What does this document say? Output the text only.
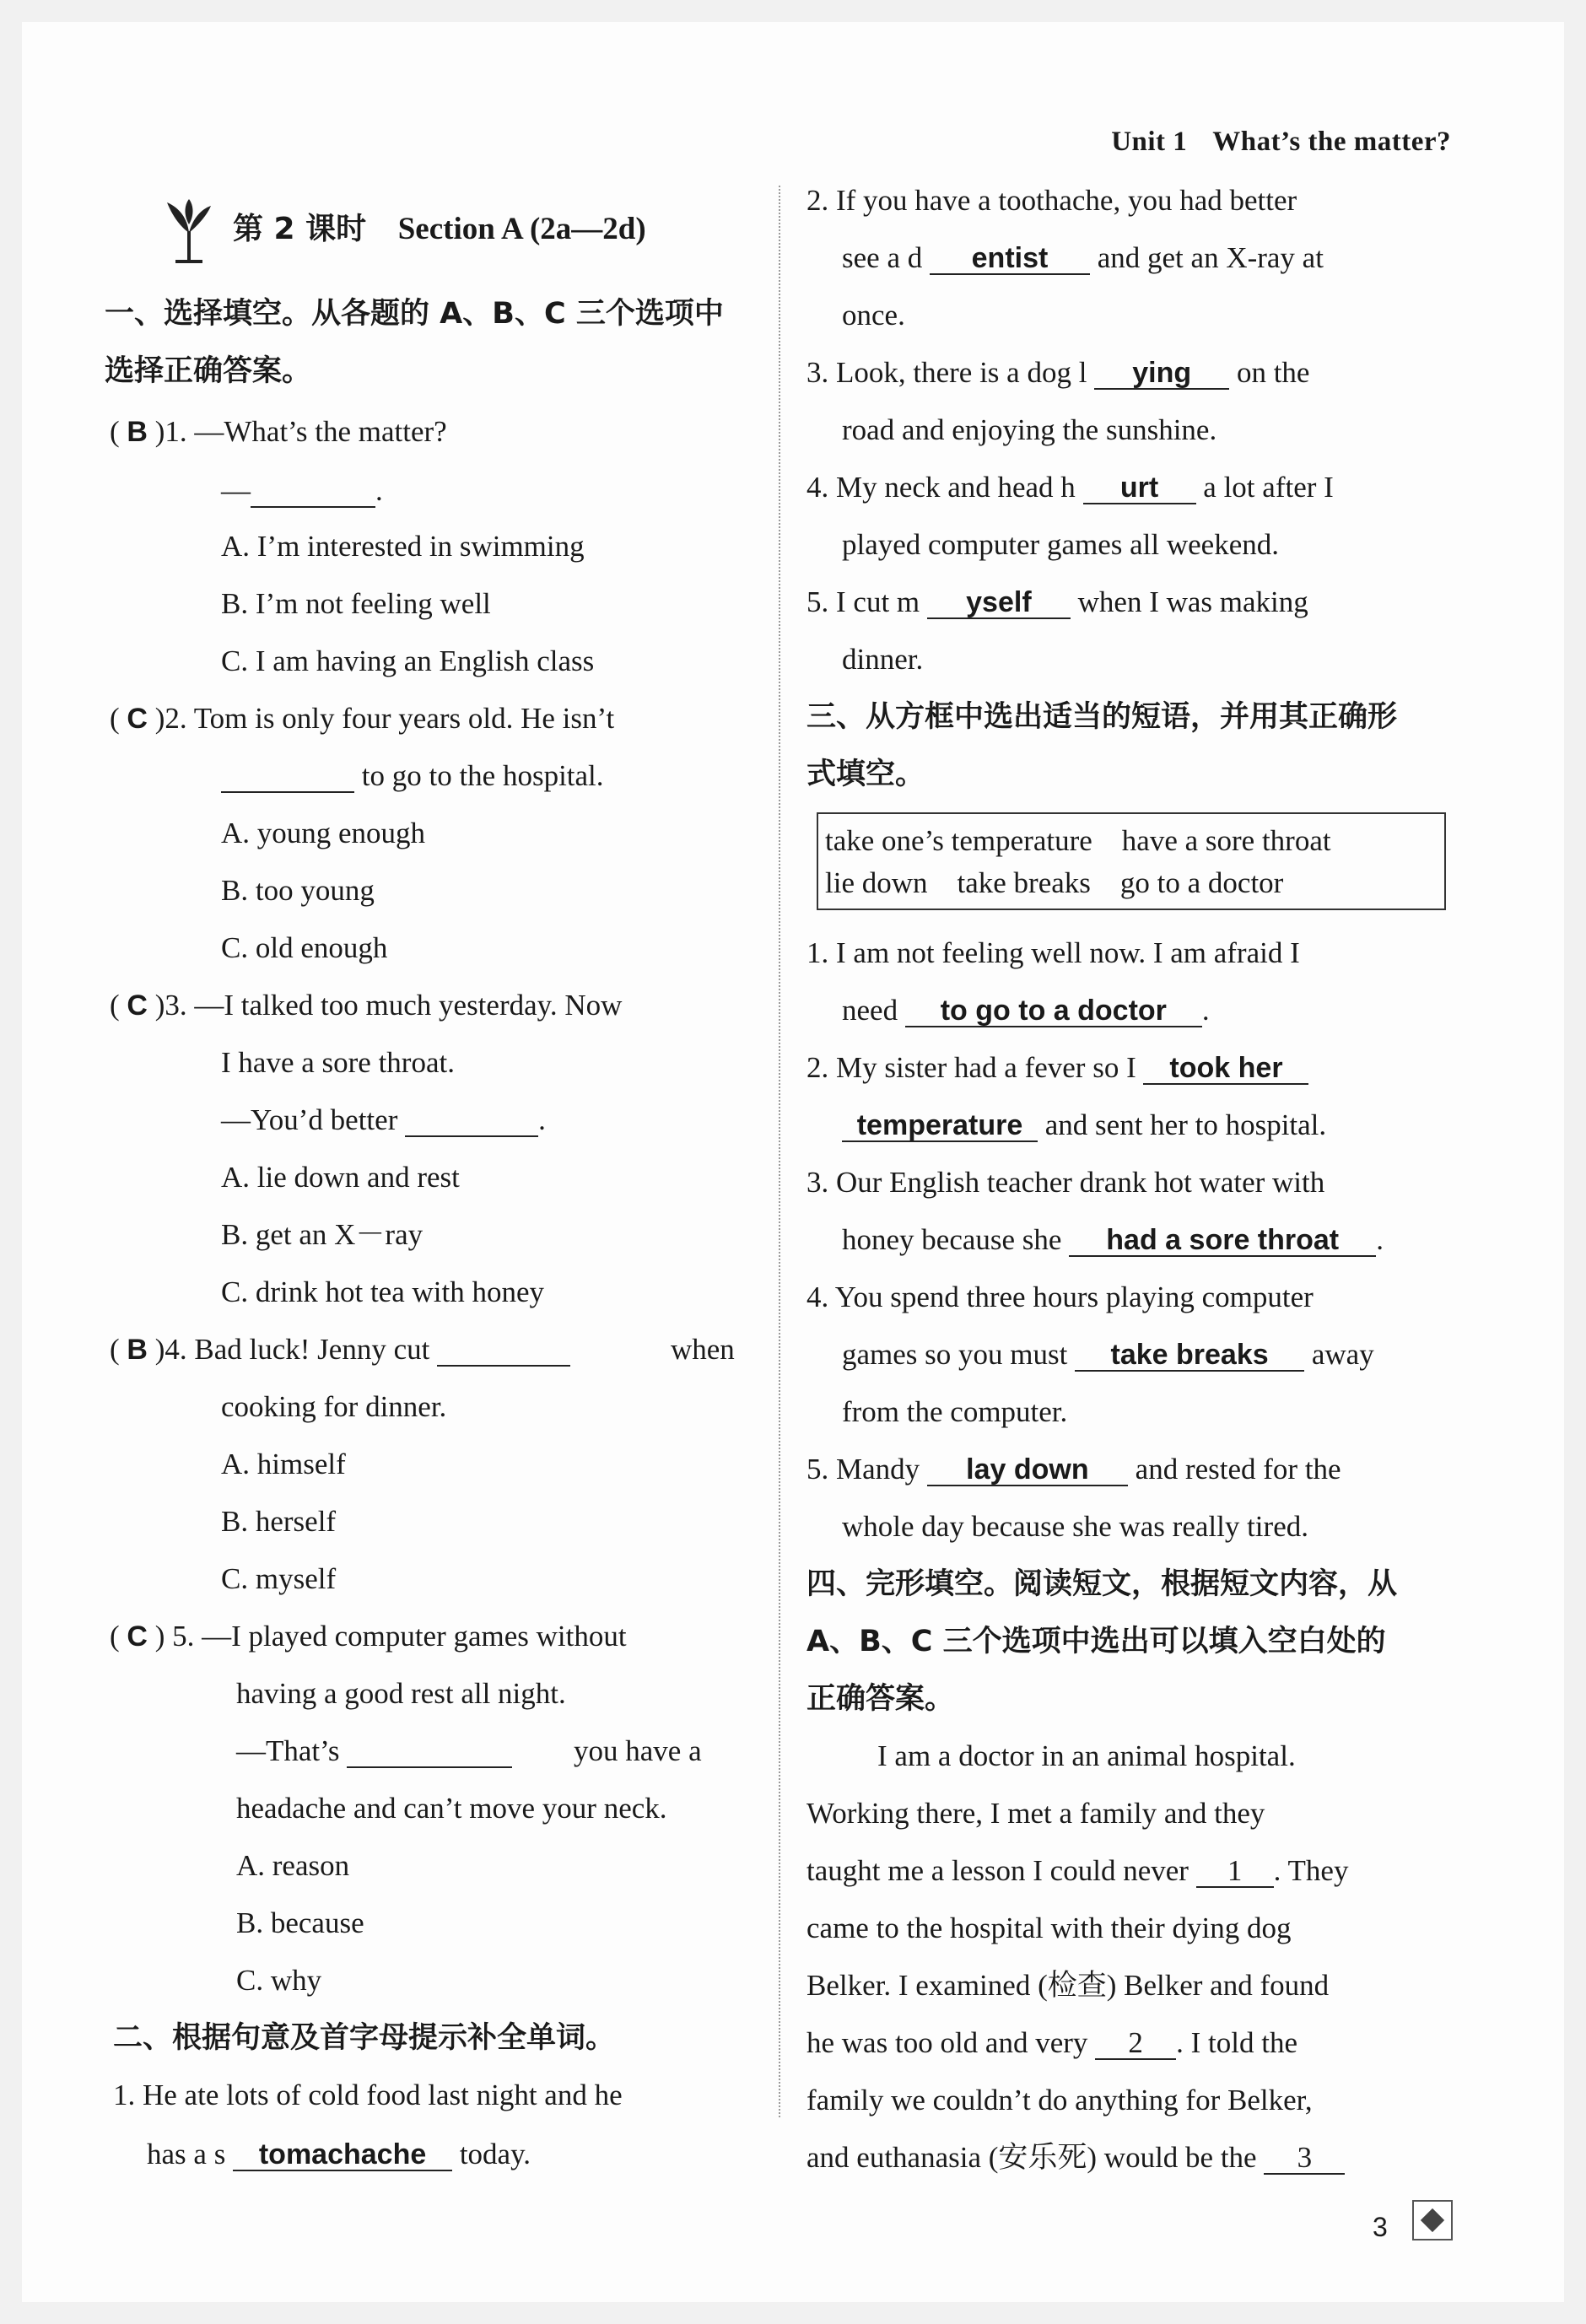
Unit 1 What’s the matter?
第 2 课时 Section A (2a—2d)
一、选择填空。从各题的 A、B、C 三个选项中
选择正确答案。
( B )1. —What’s the matter?
—	.
A. I’m interested in swimming
B. I’m not feeling well
C. I am having an English class
( C )2. Tom is only four years old. He isn’t
to go to the hospital.
A. young enough
B. too young
C. old enough
( C )3. —I talked too much yesterday. Now
I have a sore throat.
—You’d better	.
A. lie down and rest
B. get an X－ray
C. drink hot tea with honey
( B )4. Bad luck! Jenny cut	when
cooking for dinner.
A. himself
B. herself
C. myself
( C ) 5. —I played computer games without
having a good rest all night.
—That’s	you have a
headache and can’t move your neck.
A. reason
B. because
C. why
二、根据句意及首字母提示补全单词。
1. He ate lots of cold food last night and he
has a s tomachache today.
2. If you have a toothache, you had better
see a d entist and get an X-ray at
once.
3. Look, there is a dog l ying on the
road and enjoying the sunshine.
4. My neck and head h urt a lot after I
played computer games all weekend.
5. I cut m yself when I was making
dinner.
三、从方框中选出适当的短语，并用其正确形
式填空。
take one’s temperature    have a sore throat
lie down    take breaks    go to a doctor
1. I am not feeling well now. I am afraid I
need to go to a doctor .
2. My sister had a fever so I took her
temperature and sent her to hospital.
3. Our English teacher drank hot water with
honey because she had a sore throat .
4. You spend three hours playing computer
games so you must take breaks away
from the computer.
5. Mandy lay down and rested for the
whole day because she was really tired.
四、完形填空。阅读短文，根据短文内容，从
A、B、C 三个选项中选出可以填入空白处的
正确答案。
I am a doctor in an animal hospital.
Working there, I met a family and they
taught me a lesson I could never 1 . They
came to the hospital with their dying dog
Belker. I examined (检查) Belker and found
he was too old and very 2 . I told the
family we couldn’t do anything for Belker,
and euthanasia (安乐死) would be the 3
3
